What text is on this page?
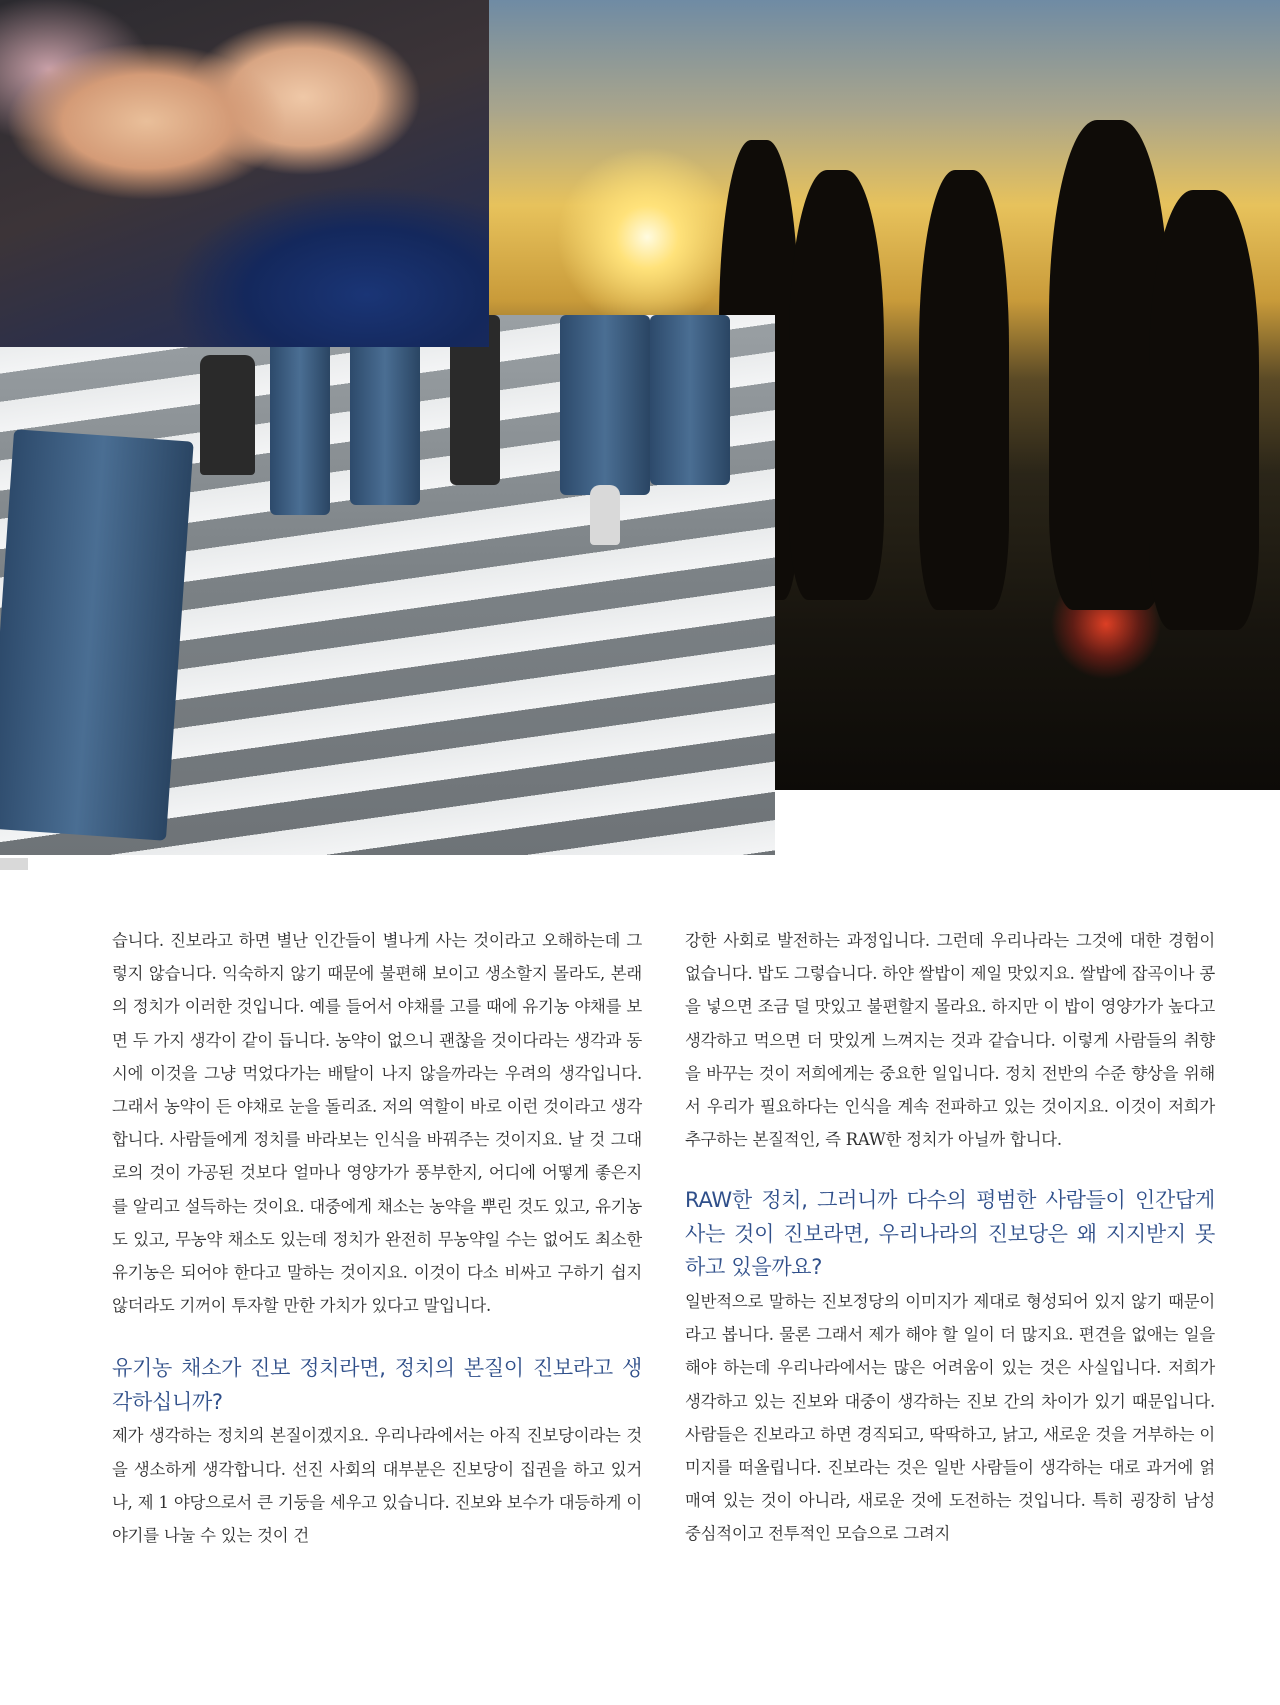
습니다. 진보라고 하면 별난 인간들이 별나게 사는 것이라고 오해하는데 그렇지 않습니다. 익숙하지 않기 때문에 불편해 보이고 생소할지 몰라도, 본래의 정치가 이러한 것입니다. 예를 들어서 야채를 고를 때에 유기농 야채를 보면 두 가지 생각이 같이 듭니다. 농약이 없으니 괜찮을 것이다라는 생각과 동시에 이것을 그냥 먹었다가는 배탈이 나지 않을까라는 우려의 생각입니다. 그래서 농약이 든 야채로 눈을 돌리죠. 저의 역할이 바로 이런 것이라고 생각합니다. 사람들에게 정치를 바라보는 인식을 바꿔주는 것이지요. 날 것 그대로의 것이 가공된 것보다 얼마나 영양가가 풍부한지, 어디에 어떻게 좋은지를 알리고 설득하는 것이요. 대중에게 채소는 농약을 뿌린 것도 있고, 유기농도 있고, 무농약 채소도 있는데 정치가 완전히 무농약일 수는 없어도 최소한 유기농은 되어야 한다고 말하는 것이지요. 이것이 다소 비싸고 구하기 쉽지 않더라도 기꺼이 투자할 만한 가치가 있다고 말입니다.

유기농 채소가 진보 정치라면, 정치의 본질이 진보라고 생각하십니까?

제가 생각하는 정치의 본질이겠지요. 우리나라에서는 아직 진보당이라는 것을 생소하게 생각합니다. 선진 사회의 대부분은 진보당이 집권을 하고 있거나, 제 1 야당으로서 큰 기둥을 세우고 있습니다. 진보와 보수가 대등하게 이야기를 나눌 수 있는 것이 건

강한 사회로 발전하는 과정입니다. 그런데 우리나라는 그것에 대한 경험이 없습니다. 밥도 그렇습니다. 하얀 쌀밥이 제일 맛있지요. 쌀밥에 잡곡이나 콩을 넣으면 조금 덜 맛있고 불편할지 몰라요. 하지만 이 밥이 영양가가 높다고 생각하고 먹으면 더 맛있게 느껴지는 것과 같습니다. 이렇게 사람들의 취향을 바꾸는 것이 저희에게는 중요한 일입니다. 정치 전반의 수준 향상을 위해서 우리가 필요하다는 인식을 계속 전파하고 있는 것이지요. 이것이 저희가 추구하는 본질적인, 즉 RAW한 정치가 아닐까 합니다.

RAW한 정치, 그러니까 다수의 평범한 사람들이 인간답게 사는 것이 진보라면, 우리나라의 진보당은 왜 지지받지 못하고 있을까요?

일반적으로 말하는 진보정당의 이미지가 제대로 형성되어 있지 않기 때문이라고 봅니다. 물론 그래서 제가 해야 할 일이 더 많지요. 편견을 없애는 일을 해야 하는데 우리나라에서는 많은 어려움이 있는 것은 사실입니다. 저희가 생각하고 있는 진보와 대중이 생각하는 진보 간의 차이가 있기 때문입니다. 사람들은 진보라고 하면 경직되고, 딱딱하고, 낡고, 새로운 것을 거부하는 이미지를 떠올립니다. 진보라는 것은 일반 사람들이 생각하는 대로 과거에 얽매여 있는 것이 아니라, 새로운 것에 도전하는 것입니다. 특히 굉장히 남성 중심적이고 전투적인 모습으로 그려지
